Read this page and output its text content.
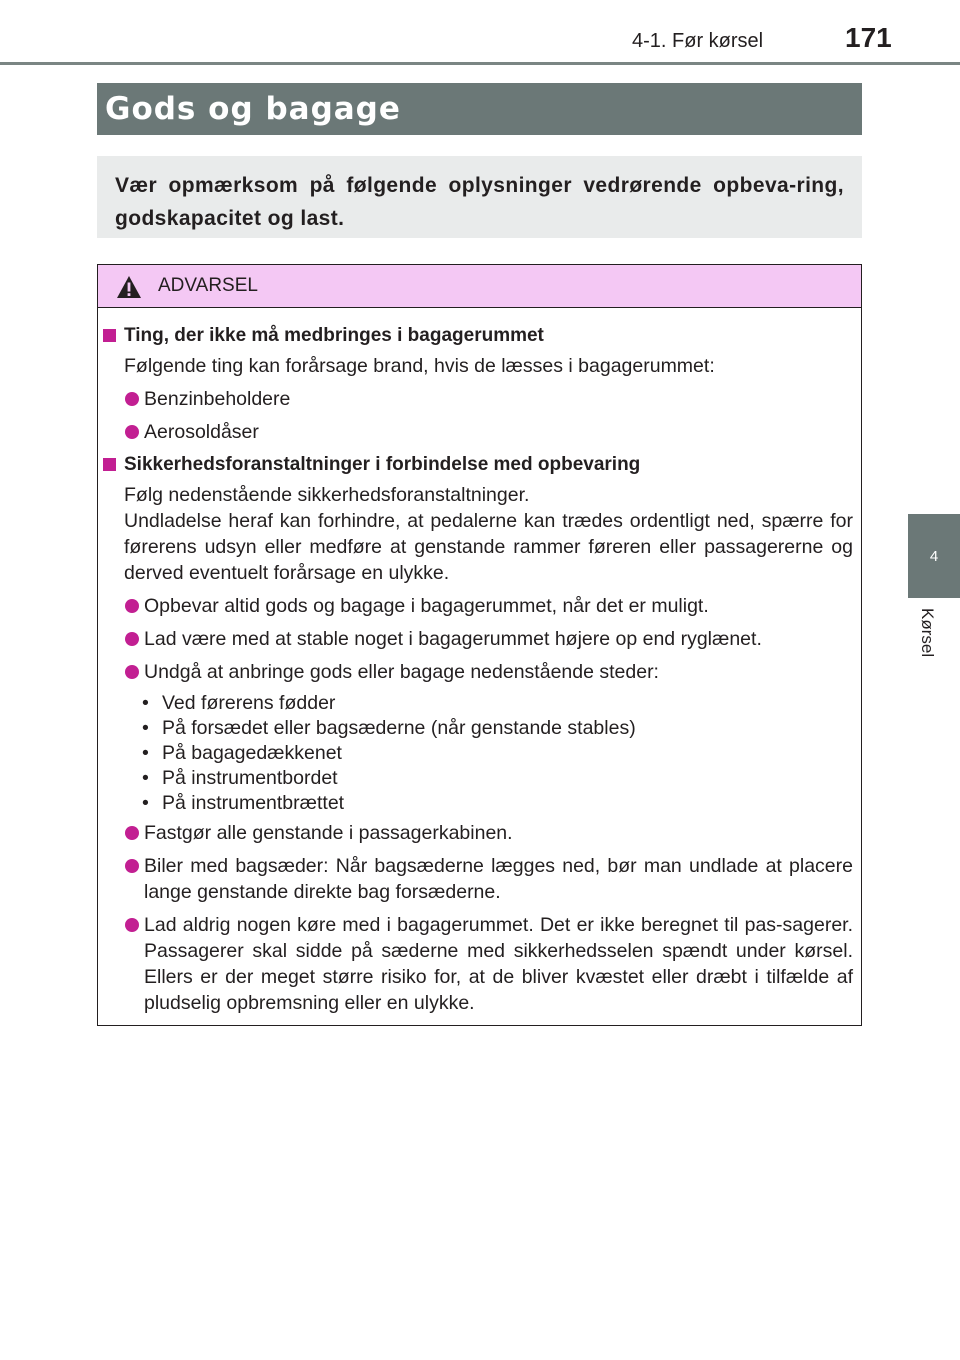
4-1. Før kørsel	171
4
Kørsel
Gods og bagage
Vær opmærksom på følgende oplysninger vedrørende opbeva-ring, godskapacitet og last.
ADVARSEL
Ting, der ikke må medbringes i bagagerummet
Følgende ting kan forårsage brand, hvis de læsses i bagagerummet:
Benzinbeholdere
Aerosoldåser
Sikkerhedsforanstaltninger i forbindelse med opbevaring
Følg nedenstående sikkerhedsforanstaltninger.
Undladelse heraf kan forhindre, at pedalerne kan trædes ordentligt ned, spærre for førerens udsyn eller medføre at genstande rammer føreren eller passagererne og derved eventuelt forårsage en ulykke.
Opbevar altid gods og bagage i bagagerummet, når det er muligt.
Lad være med at stable noget i bagagerummet højere op end ryglænet.
Undgå at anbringe gods eller bagage nedenstående steder:
• Ved førerens fødder
• På forsædet eller bagsæderne (når genstande stables)
• På bagagedækkenet
• På instrumentbordet
• På instrumentbrættet
Fastgør alle genstande i passagerkabinen.
Biler med bagsæder: Når bagsæderne lægges ned, bør man undlade at placere lange genstande direkte bag forsæderne.
Lad aldrig nogen køre med i bagagerummet. Det er ikke beregnet til pas-sagerer. Passagerer skal sidde på sæderne med sikkerhedsselen spændt under kørsel. Ellers er der meget større risiko for, at de bliver kvæstet eller dræbt i tilfælde af pludselig opbremsning eller en ulykke.
